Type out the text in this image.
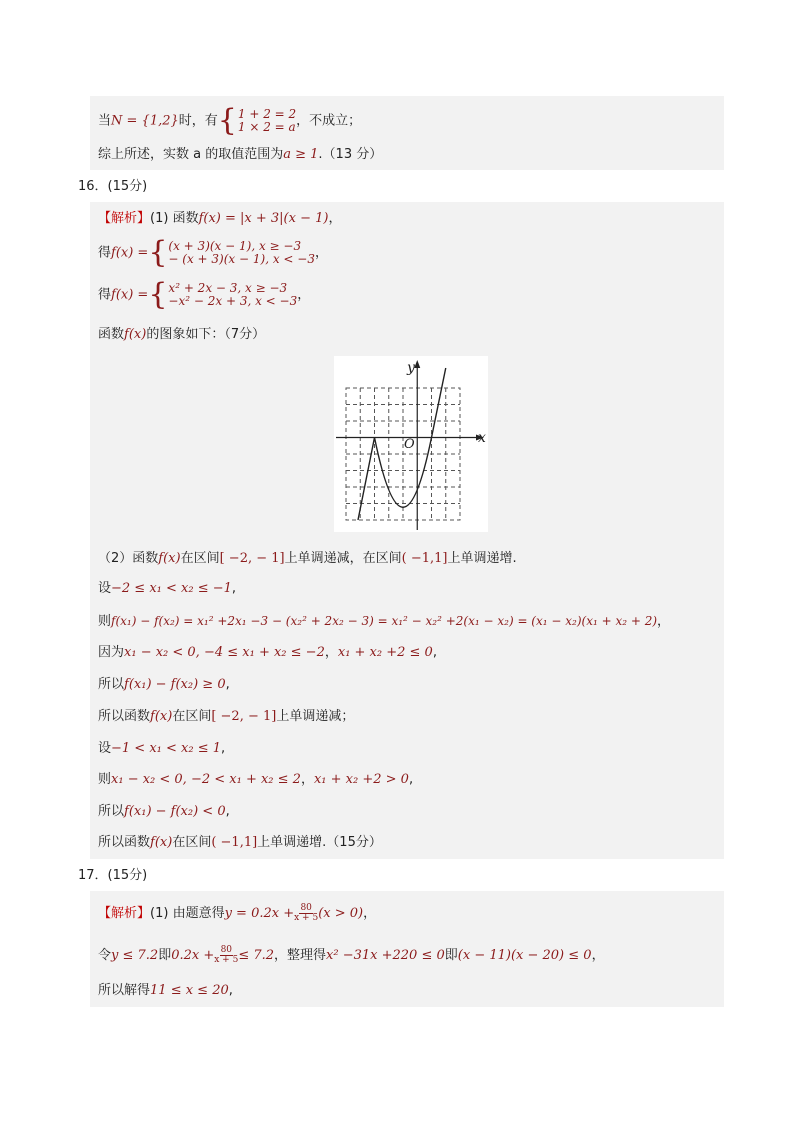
当N = {1,2}时，有 { 1 + 2 = 2
1 × 2 = a ，不成立；
综上所述，实数 a 的取值范围为a ≥ 1.（13 分）
16．(15分)
【解析】(1) 函数f(x) = |x + 3|(x − 1)，
得f(x) = { (x + 3)(x − 1), x ≥ −3
− (x + 3)(x − 1), x < −3 ，
得f(x) = { x² + 2x − 3, x ≥ −3
−x² − 2x + 3, x < −3 ，
函数f(x)的图象如下：（7分）
y
x
O
（2）函数f(x)在区间[ −2, − 1]上单调递减，在区间( −1,1]上单调递增.
设−2 ≤ x₁ < x₂ ≤ −1,
则f(x₁) − f(x₂) = x₁² +2x₁ −3 − (x₂² + 2x₂ − 3) = x₁² − x₂² +2(x₁ − x₂) = (x₁ − x₂)(x₁ + x₂ + 2)，
因为x₁ − x₂ < 0, −4 ≤ x₁ + x₂ ≤ −2，x₁ + x₂ +2 ≤ 0,
所以f(x₁) − f(x₂) ≥ 0,
所以函数f(x)在区间[ −2, − 1]上单调递减；
设−1 < x₁ < x₂ ≤ 1,
则x₁ − x₂ < 0, −2 < x₁ + x₂ ≤ 2，x₁ + x₂ +2 > 0,
所以f(x₁) − f(x₂) < 0,
所以函数f(x)在区间( −1,1]上单调递增.（15分）
17．(15分)
【解析】(1) 由题意得$y = 0.2x + \frac{80}{x + 5} (x > 0)$，
令y ≤ 7.2即$0.2x + \frac{80}{x + 5} \le 7.2$，整理得x² −31x +220 ≤ 0即(x − 11)(x − 20) ≤ 0，
所以解得11 ≤ x ≤ 20,
